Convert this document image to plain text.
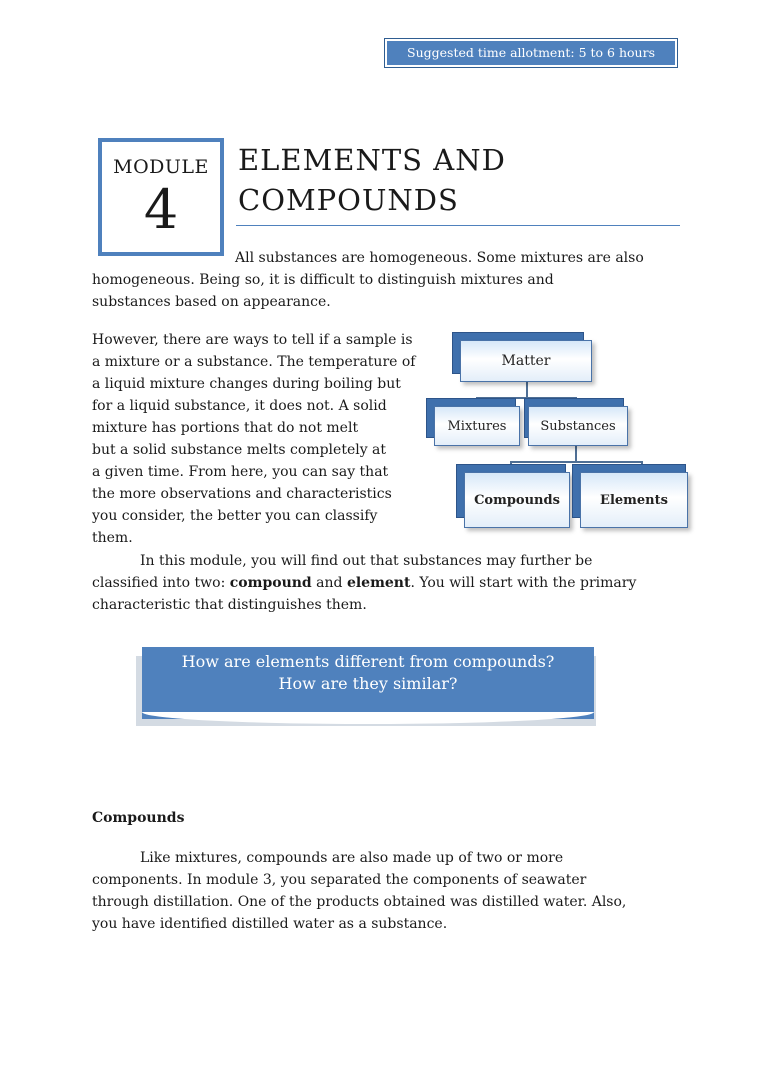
Suggested time allotment: 5 to 6 hours
MODULE
4
ELEMENTS AND
COMPOUNDS
All substances are homogeneous. Some mixtures are also
homogeneous. Being so, it is difficult to distinguish mixtures and
substances based on appearance.
However, there are ways to tell if a sample is
a mixture or a substance. The temperature of
a liquid mixture changes during boiling but
for a liquid substance, it does not. A solid
mixture has portions that do not melt
but a solid substance melts completely at
a given time. From here, you can say that
the more observations and characteristics
you consider, the better you can classify
them.
Matter
Mixtures	Substances
Compounds	Elements
In this module, you will find out that substances may further be
classified into two: compound and element. You will start with the primary
characteristic that distinguishes them.
How are elements different from compounds?
How are they similar?
Compounds
Like mixtures, compounds are also made up of two or more
components. In module 3, you separated the components of seawater
through distillation. One of the products obtained was distilled water. Also,
you have identified distilled water as a substance.
